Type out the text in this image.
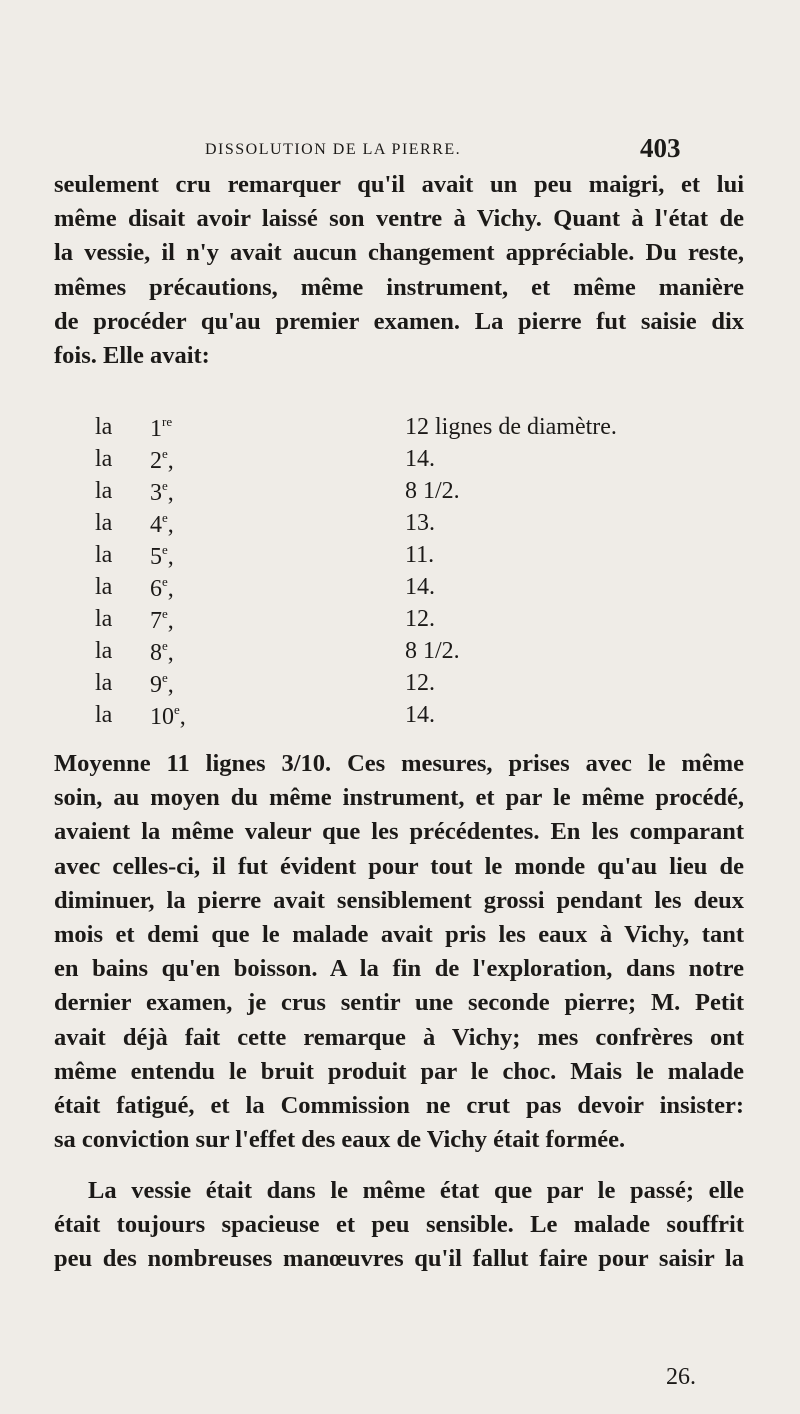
DISSOLUTION DE LA PIERRE.	403
seulement cru remarquer qu'il avait un peu maigri, et lui
même disait avoir laissé son ventre à Vichy. Quant à l'état de
la vessie, il n'y avait aucun changement appréciable. Du reste,
mêmes précautions, même instrument, et même manière
de procéder qu'au premier examen. La pierre fut saisie dix
fois. Elle avait:
la 1re	12 lignes de diamètre.
la 2e,	14.
la 3e,	8 1/2.
la 4e,	13.
la 5e,	11.
la 6e,	14.
la 7e,	12.
la 8e,	8 1/2.
la 9e,	12.
la 10e,	14.
Moyenne 11 lignes 3/10. Ces mesures, prises avec le même
soin, au moyen du même instrument, et par le même procédé,
avaient la même valeur que les précédentes. En les comparant
avec celles-ci, il fut évident pour tout le monde qu'au lieu de
diminuer, la pierre avait sensiblement grossi pendant les deux
mois et demi que le malade avait pris les eaux à Vichy, tant
en bains qu'en boisson. A la fin de l'exploration, dans notre
dernier examen, je crus sentir une seconde pierre; M. Petit
avait déjà fait cette remarque à Vichy; mes confrères ont
même entendu le bruit produit par le choc. Mais le malade
était fatigué, et la Commission ne crut pas devoir insister:
sa conviction sur l'effet des eaux de Vichy était formée.
La vessie était dans le même état que par le passé; elle
était toujours spacieuse et peu sensible. Le malade souffrit
peu des nombreuses manœuvres qu'il fallut faire pour saisir la
26.
